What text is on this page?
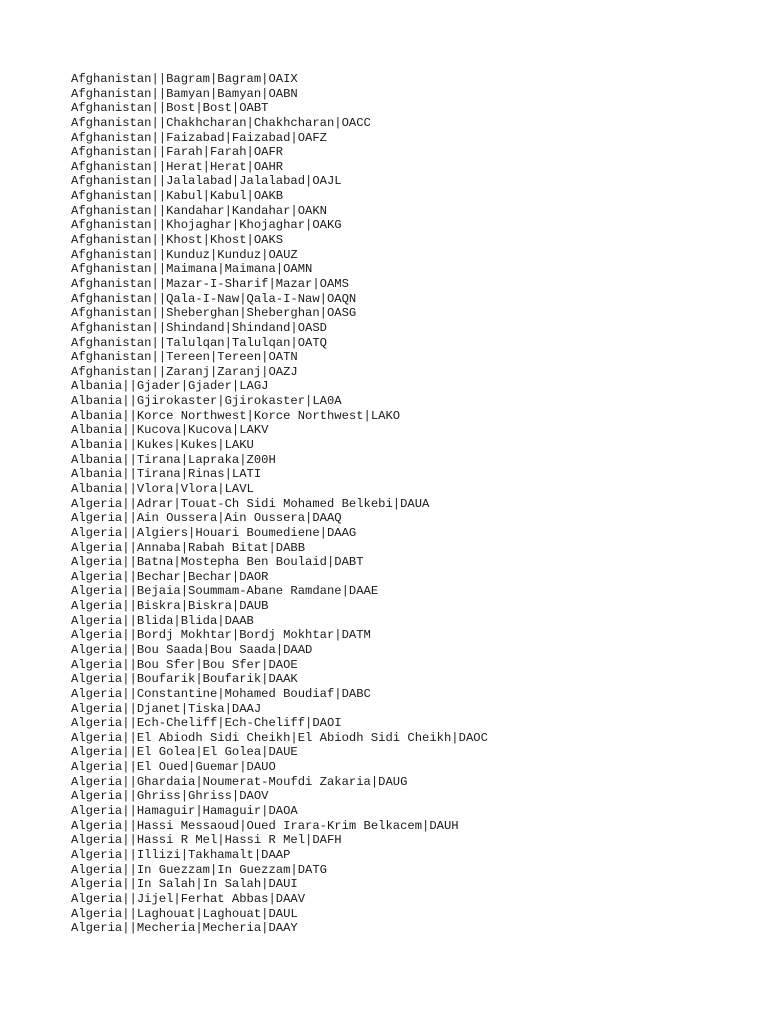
Afghanistan||Bagram|Bagram|OAIX
Afghanistan||Bamyan|Bamyan|OABN
Afghanistan||Bost|Bost|OABT
Afghanistan||Chakhcharan|Chakhcharan|OACC
Afghanistan||Faizabad|Faizabad|OAFZ
Afghanistan||Farah|Farah|OAFR
Afghanistan||Herat|Herat|OAHR
Afghanistan||Jalalabad|Jalalabad|OAJL
Afghanistan||Kabul|Kabul|OAKB
Afghanistan||Kandahar|Kandahar|OAKN
Afghanistan||Khojaghar|Khojaghar|OAKG
Afghanistan||Khost|Khost|OAKS
Afghanistan||Kunduz|Kunduz|OAUZ
Afghanistan||Maimana|Maimana|OAMN
Afghanistan||Mazar-I-Sharif|Mazar|OAMS
Afghanistan||Qala-I-Naw|Qala-I-Naw|OAQN
Afghanistan||Sheberghan|Sheberghan|OASG
Afghanistan||Shindand|Shindand|OASD
Afghanistan||Talulqan|Talulqan|OATQ
Afghanistan||Tereen|Tereen|OATN
Afghanistan||Zaranj|Zaranj|OAZJ
Albania||Gjader|Gjader|LAGJ
Albania||Gjirokaster|Gjirokaster|LA0A
Albania||Korce Northwest|Korce Northwest|LAKO
Albania||Kucova|Kucova|LAKV
Albania||Kukes|Kukes|LAKU
Albania||Tirana|Lapraka|Z00H
Albania||Tirana|Rinas|LATI
Albania||Vlora|Vlora|LAVL
Algeria||Adrar|Touat-Ch Sidi Mohamed Belkebi|DAUA
Algeria||Ain Oussera|Ain Oussera|DAAQ
Algeria||Algiers|Houari Boumediene|DAAG
Algeria||Annaba|Rabah Bitat|DABB
Algeria||Batna|Mostepha Ben Boulaid|DABT
Algeria||Bechar|Bechar|DAOR
Algeria||Bejaia|Soummam-Abane Ramdane|DAAE
Algeria||Biskra|Biskra|DAUB
Algeria||Blida|Blida|DAAB
Algeria||Bordj Mokhtar|Bordj Mokhtar|DATM
Algeria||Bou Saada|Bou Saada|DAAD
Algeria||Bou Sfer|Bou Sfer|DAOE
Algeria||Boufarik|Boufarik|DAAK
Algeria||Constantine|Mohamed Boudiaf|DABC
Algeria||Djanet|Tiska|DAAJ
Algeria||Ech-Cheliff|Ech-Cheliff|DAOI
Algeria||El Abiodh Sidi Cheikh|El Abiodh Sidi Cheikh|DAOC
Algeria||El Golea|El Golea|DAUE
Algeria||El Oued|Guemar|DAUO
Algeria||Ghardaia|Noumerat-Moufdi Zakaria|DAUG
Algeria||Ghriss|Ghriss|DAOV
Algeria||Hamaguir|Hamaguir|DAOA
Algeria||Hassi Messaoud|Oued Irara-Krim Belkacem|DAUH
Algeria||Hassi R Mel|Hassi R Mel|DAFH
Algeria||Illizi|Takhamalt|DAAP
Algeria||In Guezzam|In Guezzam|DATG
Algeria||In Salah|In Salah|DAUI
Algeria||Jijel|Ferhat Abbas|DAAV
Algeria||Laghouat|Laghouat|DAUL
Algeria||Mecheria|Mecheria|DAAY
